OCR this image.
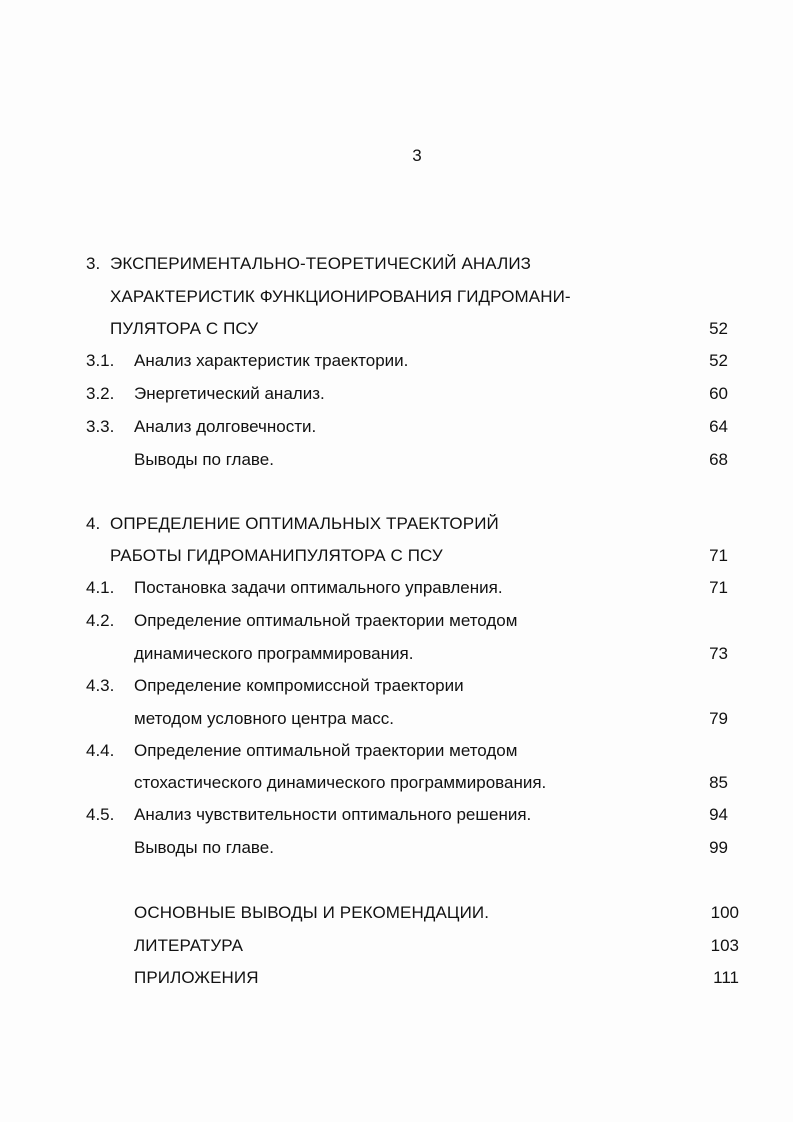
3
3. ЭКСПЕРИМЕНТАЛЬНО-ТЕОРЕТИЧЕСКИЙ АНАЛИЗ
ХАРАКТЕРИСТИК ФУНКЦИОНИРОВАНИЯ ГИДРОМАНИ-
ПУЛЯТОРА С ПСУ	52
3.1. Анализ характеристик траектории.	52
3.2. Энергетический анализ.	60
3.3. Анализ долговечности.	64
Выводы по главе.	68
4. ОПРЕДЕЛЕНИЕ ОПТИМАЛЬНЫХ ТРАЕКТОРИЙ
РАБОТЫ ГИДРОМАНИПУЛЯТОРА С ПСУ	71
4.1. Постановка задачи оптимального управления.	71
4.2. Определение оптимальной траектории методом
динамического программирования.	73
4.3. Определение компромиссной траектории
методом условного центра масс.	79
4.4. Определение оптимальной траектории методом
стохастического динамического программирования.	85
4.5. Анализ чувствительности оптимального решения.	94
Выводы по главе.	99
ОСНОВНЫЕ ВЫВОДЫ И РЕКОМЕНДАЦИИ.	100
ЛИТЕРАТУРА	103
ПРИЛОЖЕНИЯ	111
